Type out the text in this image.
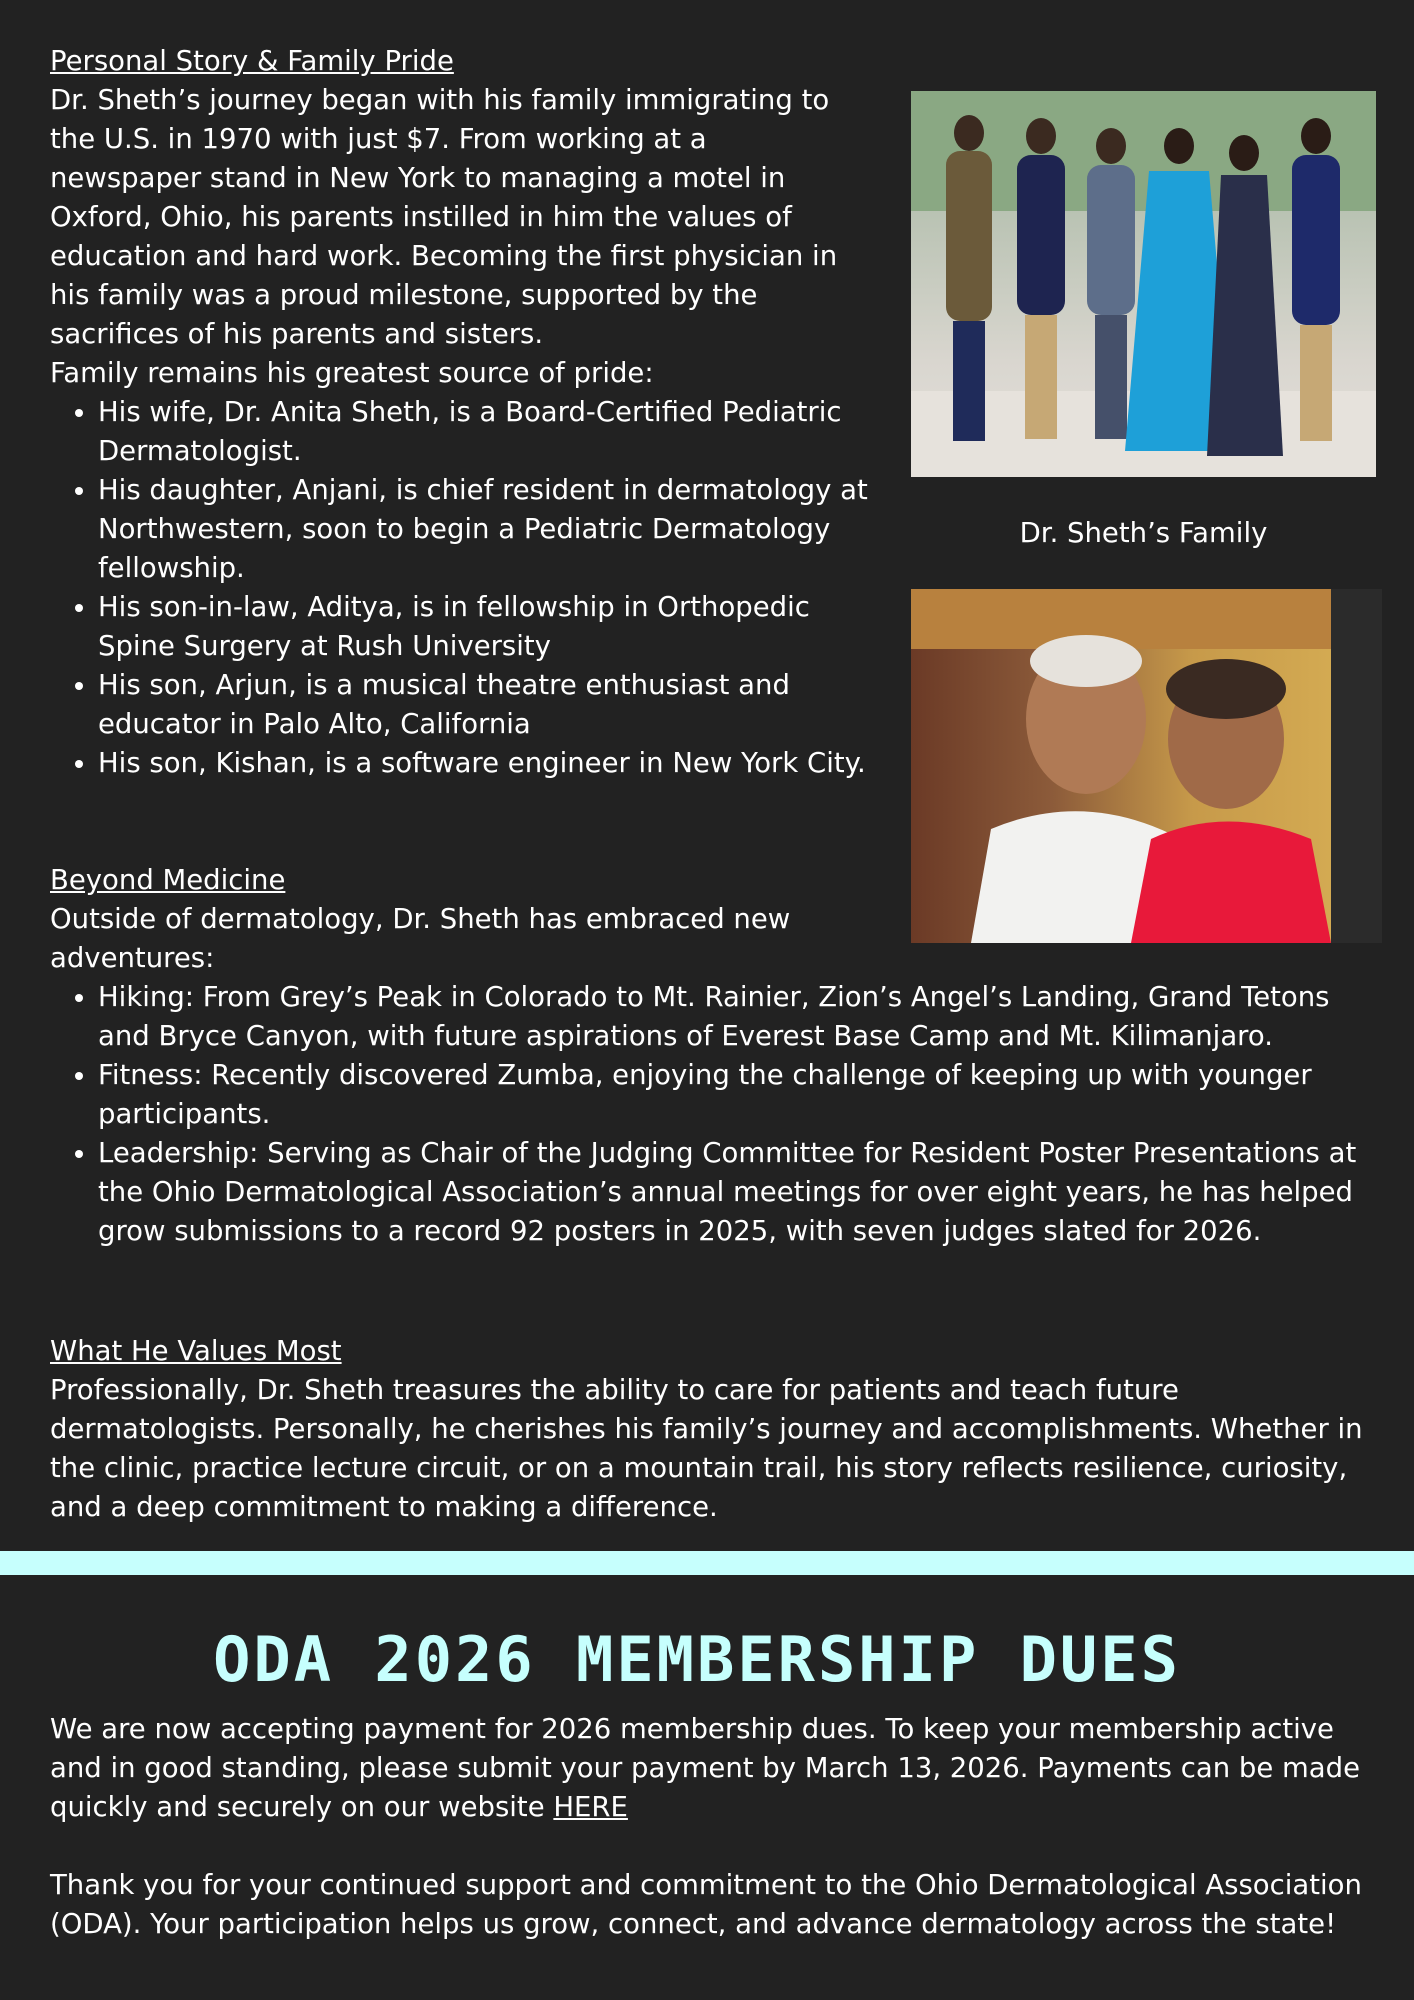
Personal Story & Family Pride

Dr. Sheth’s journey began with his family immigrating to the U.S. in 1970 with just $7. From working at a newspaper stand in New York to managing a motel in Oxford, Ohio, his parents instilled in him the values of education and hard work. Becoming the first physician in his family was a proud milestone, supported by the sacrifices of his parents and sisters.

Family remains his greatest source of pride:

• His wife, Dr. Anita Sheth, is a Board-Certified Pediatric Dermatologist.
• His daughter, Anjani, is chief resident in dermatology at Northwestern, soon to begin a Pediatric Dermatology fellowship.
• His son-in-law, Aditya, is in fellowship in Orthopedic Spine Surgery at Rush University
• His son, Arjun, is a musical theatre enthusiast and educator in Palo Alto, California
• His son, Kishan, is a software engineer in New York City.
Dr. Sheth’s Family
Beyond Medicine

Outside of dermatology, Dr. Sheth has embraced new adventures:

• Hiking: From Grey’s Peak in Colorado to Mt. Rainier, Zion’s Angel’s Landing, Grand Tetons and Bryce Canyon, with future aspirations of Everest Base Camp and Mt. Kilimanjaro.
• Fitness: Recently discovered Zumba, enjoying the challenge of keeping up with younger participants.
• Leadership: Serving as Chair of the Judging Committee for Resident Poster Presentations at the Ohio Dermatological Association’s annual meetings for over eight years, he has helped grow submissions to a record 92 posters in 2025, with seven judges slated for 2026.
What He Values Most

Professionally, Dr. Sheth treasures the ability to care for patients and teach future dermatologists. Personally, he cherishes his family’s journey and accomplishments. Whether in the clinic, practice lecture circuit, or on a mountain trail, his story reflects resilience, curiosity, and a deep commitment to making a difference.

ODA 2026 MEMBERSHIP DUES

We are now accepting payment for 2026 membership dues. To keep your membership active and in good standing, please submit your payment by March 13, 2026. Payments can be made quickly and securely on our website HERE

Thank you for your continued support and commitment to the Ohio Dermatological Association (ODA). Your participation helps us grow, connect, and advance dermatology across the state!
